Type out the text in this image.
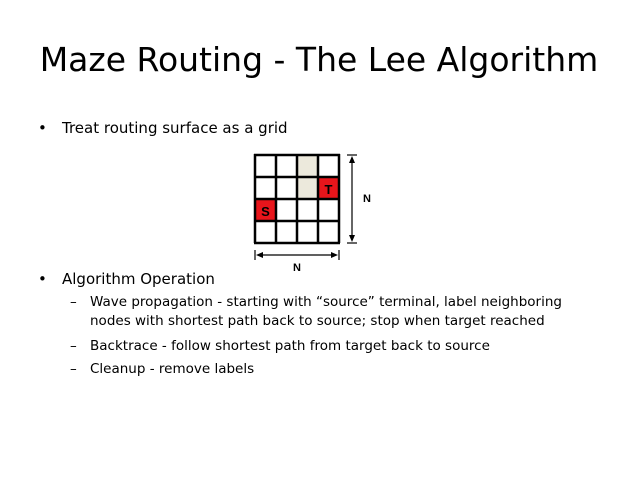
Maze Routing - The Lee Algorithm
• Treat routing surface as a grid
T
S
N
N
• Algorithm Operation
– Wave propagation - starting with “source” terminal, label neighboring nodes with shortest path back to source; stop when target reached
– Backtrace - follow shortest path from target back to source
– Cleanup - remove labels
